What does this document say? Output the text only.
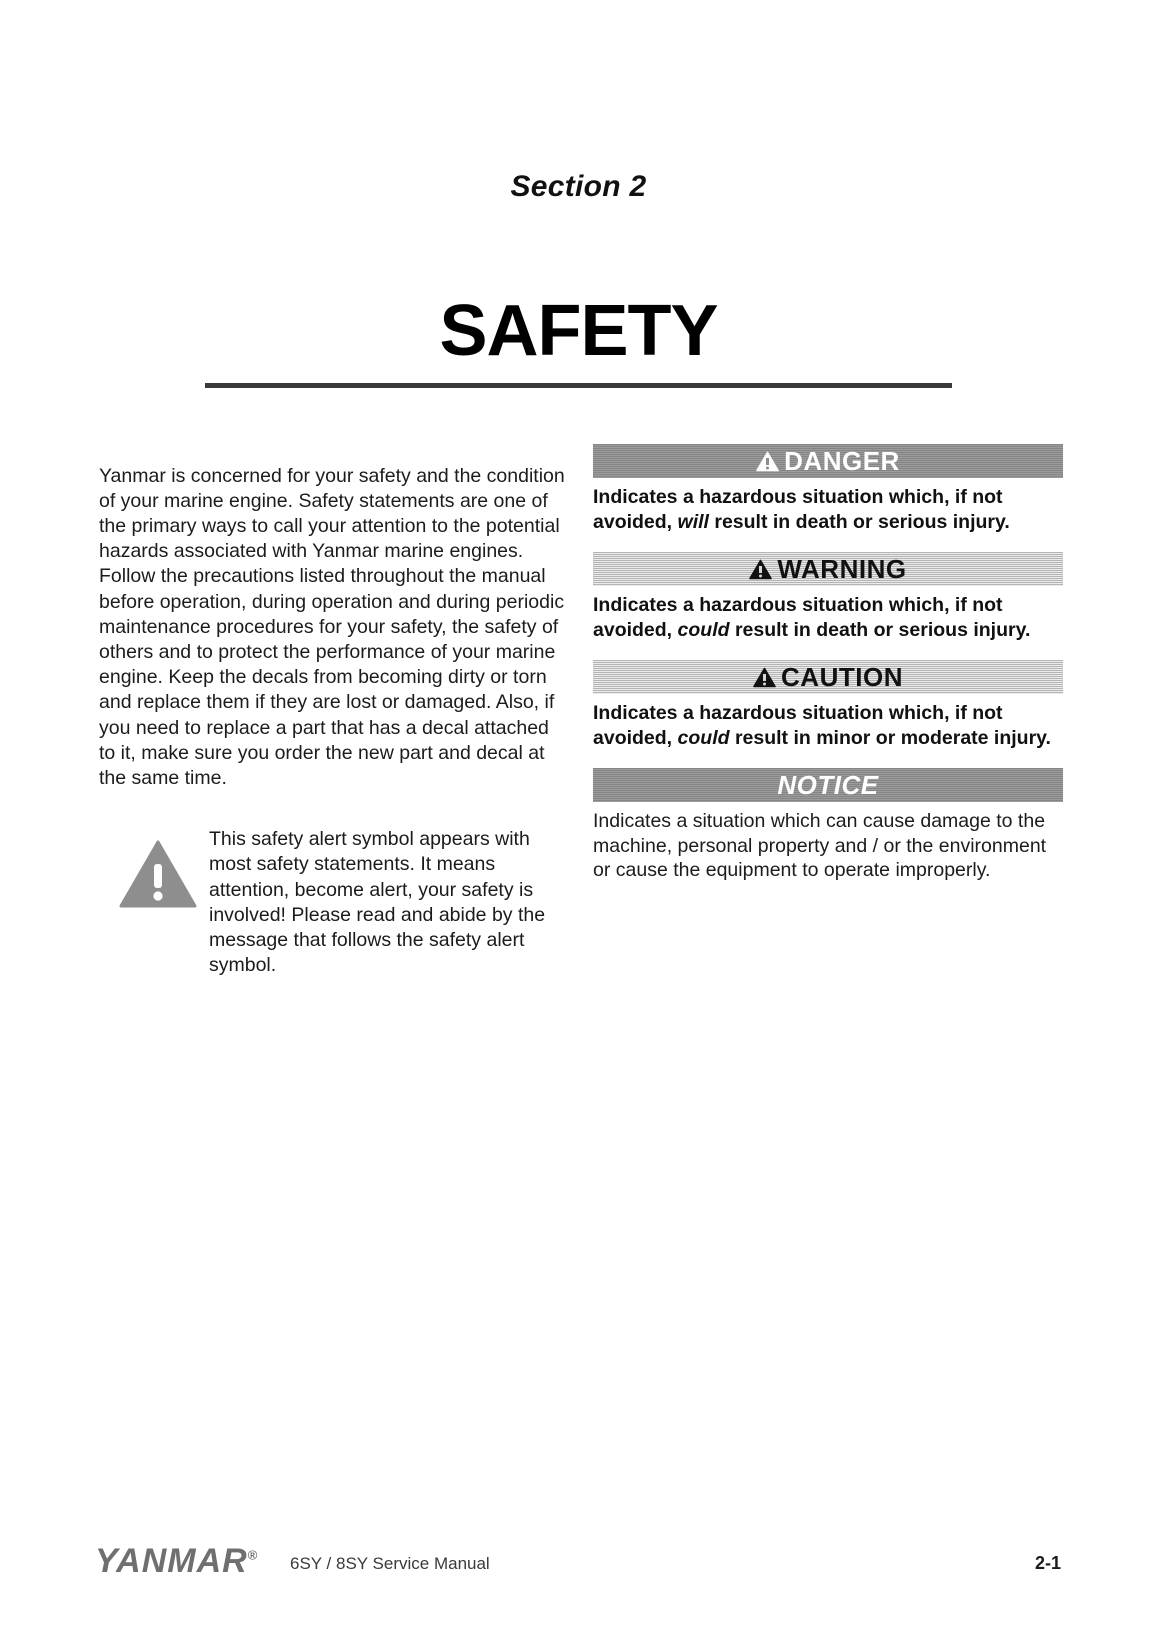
Section 2
SAFETY

Yanmar is concerned for your safety and the condition of your marine engine. Safety statements are one of the primary ways to call your attention to the potential hazards associated with Yanmar marine engines. Follow the precautions listed throughout the manual before operation, during operation and during periodic maintenance procedures for your safety, the safety of others and to protect the performance of your marine engine. Keep the decals from becoming dirty or torn and replace them if they are lost or damaged. Also, if you need to replace a part that has a decal attached to it, make sure you order the new part and decal at the same time.

This safety alert symbol appears with most safety statements. It means attention, become alert, your safety is involved! Please read and abide by the message that follows the safety alert symbol.

DANGER

Indicates a hazardous situation which, if not avoided, will result in death or serious injury.

WARNING

Indicates a hazardous situation which, if not avoided, could result in death or serious injury.

CAUTION

Indicates a hazardous situation which, if not avoided, could result in minor or moderate injury.

NOTICE

Indicates a situation which can cause damage to the machine, personal property and / or the environment or cause the equipment to operate improperly.

YANMAR® 6SY / 8SY Service Manual	2-1
